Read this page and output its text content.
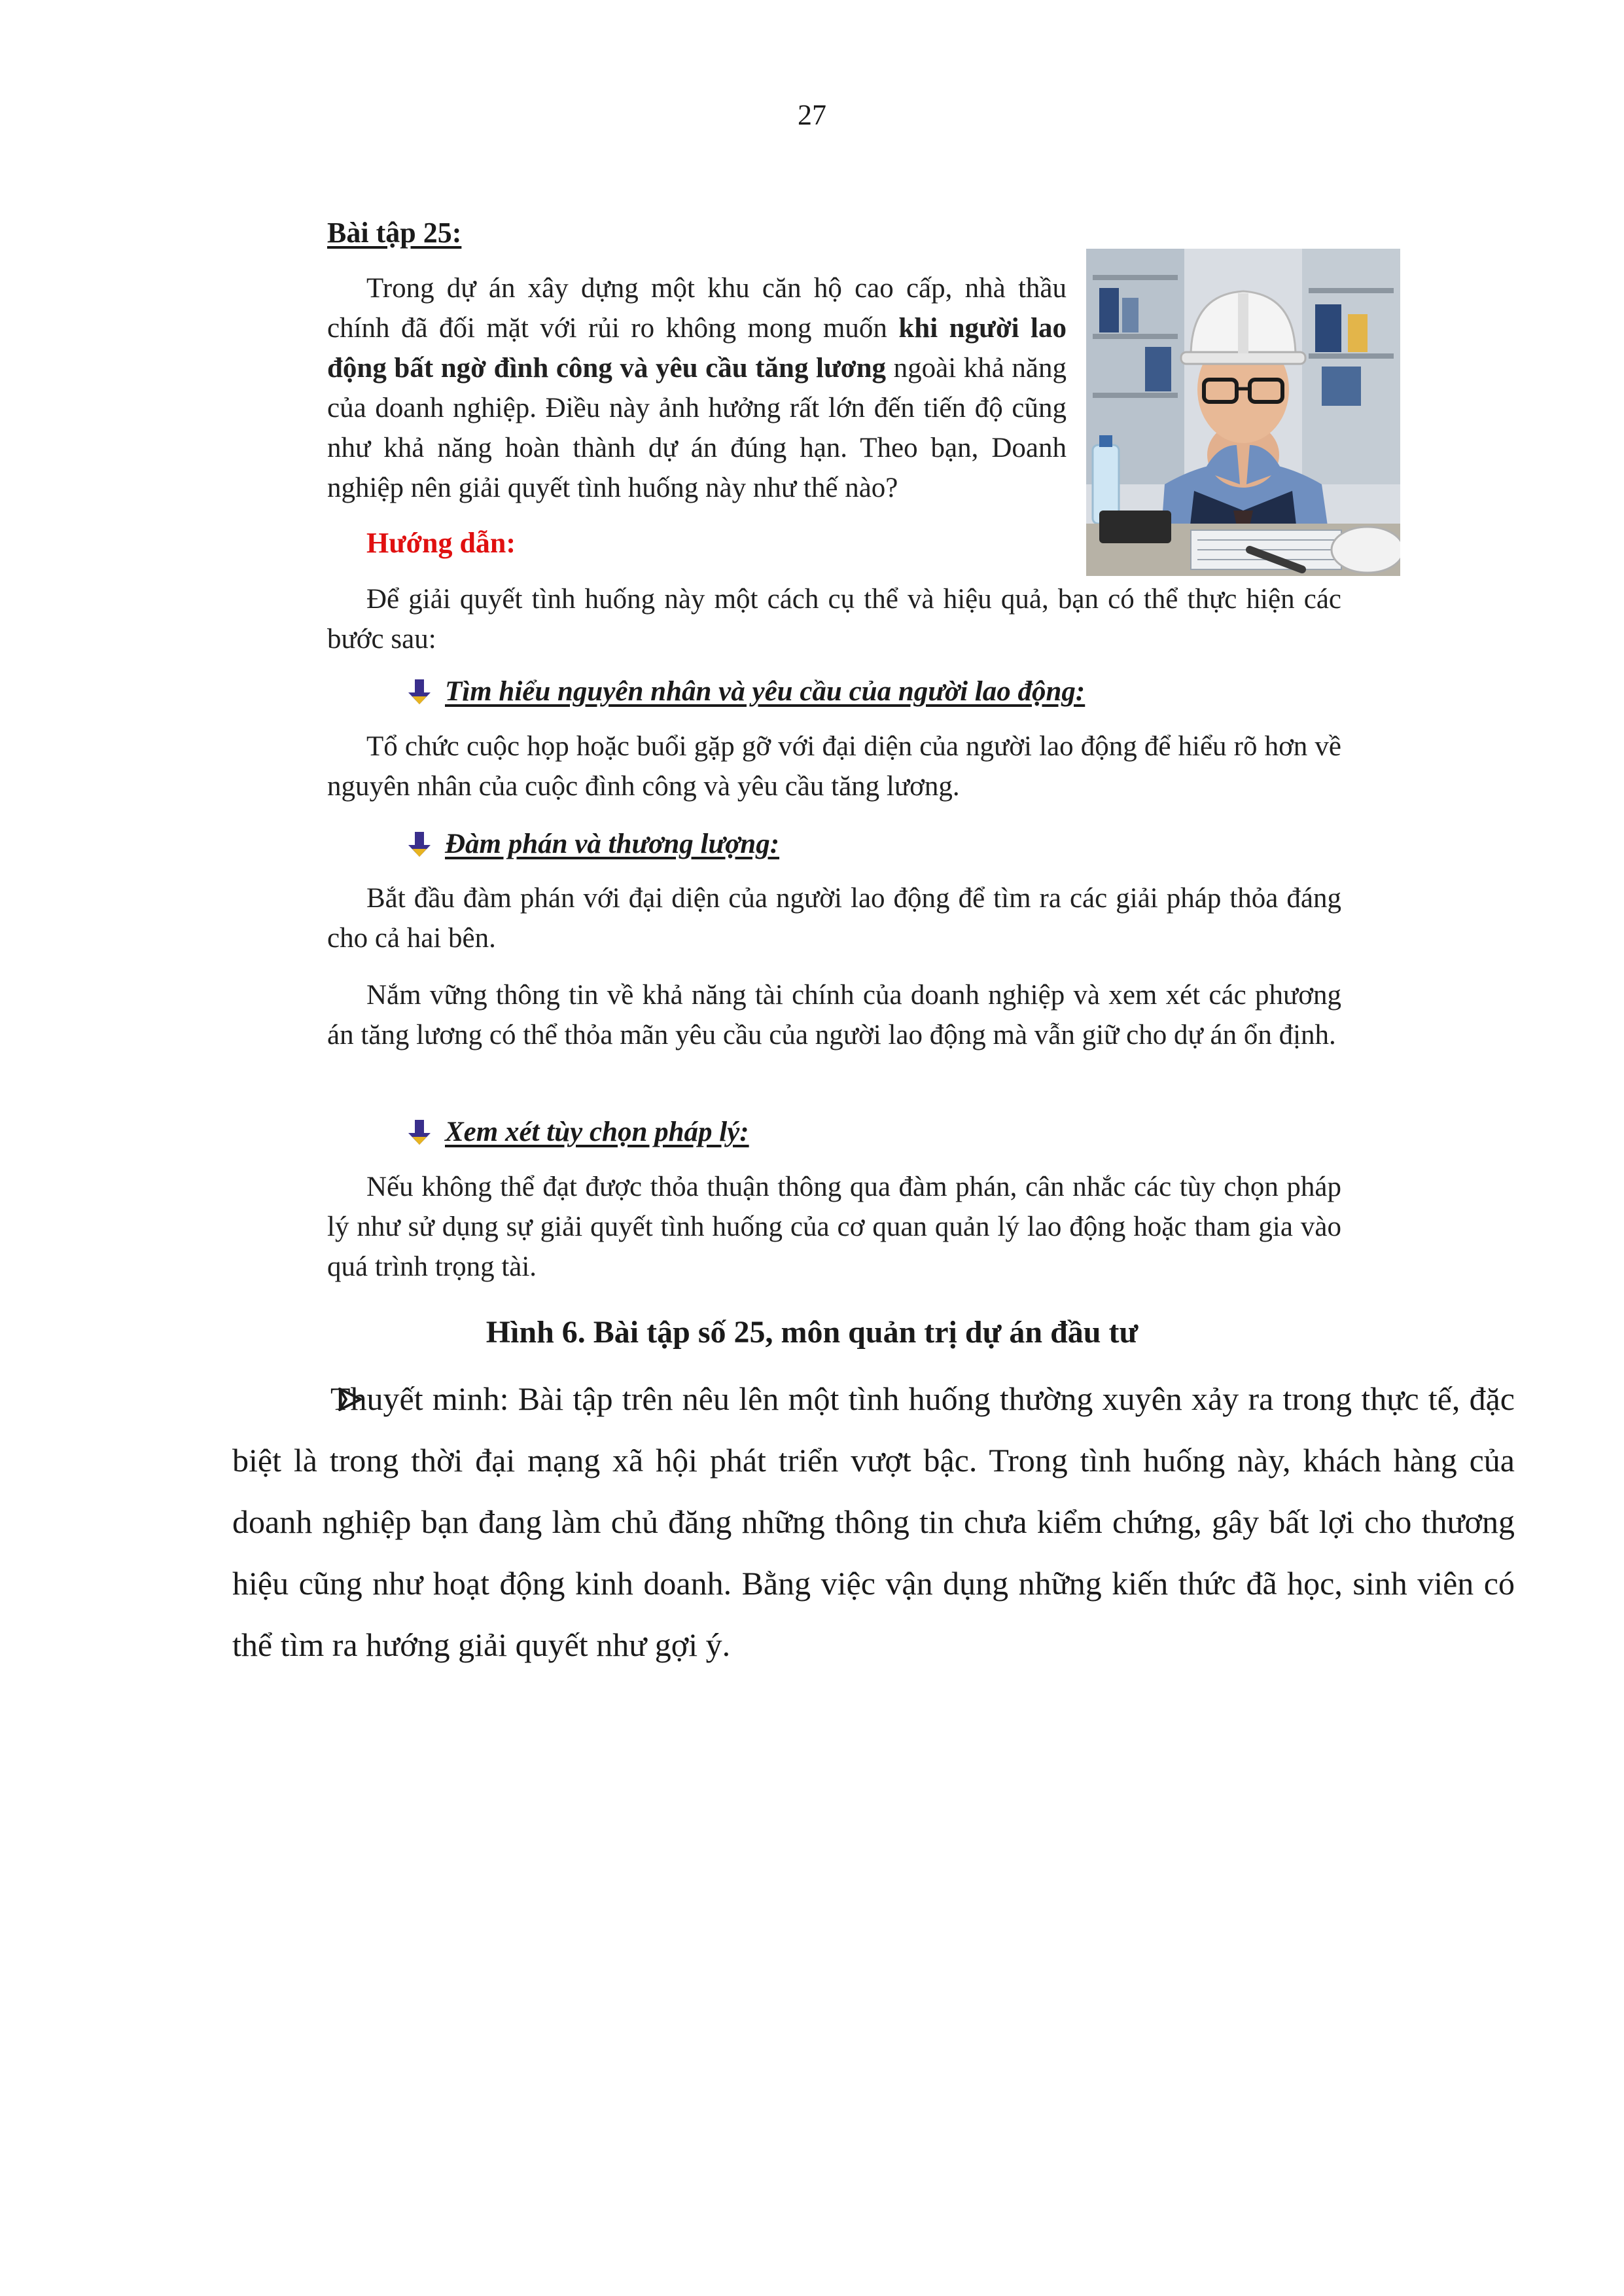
27
Bài tập 25:
Trong dự án xây dựng một khu căn hộ cao cấp, nhà thầu chính đã đối mặt với rủi ro không mong muốn khi người lao động bất ngờ đình công và yêu cầu tăng lương ngoài khả năng của doanh nghiệp. Điều này ảnh hưởng rất lớn đến tiến độ cũng như khả năng hoàn thành dự án đúng hạn. Theo bạn, Doanh nghiệp nên giải quyết tình huống này như thế nào?
Hướng dẫn:
Để giải quyết tình huống này một cách cụ thể và hiệu quả, bạn có thể thực hiện các bước sau:
Tìm hiểu nguyên nhân và yêu cầu của người lao động:
Tổ chức cuộc họp hoặc buổi gặp gỡ với đại diện của người lao động để hiểu rõ hơn về nguyên nhân của cuộc đình công và yêu cầu tăng lương.
Đàm phán và thương lượng:
Bắt đầu đàm phán với đại diện của người lao động để tìm ra các giải pháp thỏa đáng cho cả hai bên.
Nắm vững thông tin về khả năng tài chính của doanh nghiệp và xem xét các phương án tăng lương có thể thỏa mãn yêu cầu của người lao động mà vẫn giữ cho dự án ổn định.
Xem xét tùy chọn pháp lý:
Nếu không thể đạt được thỏa thuận thông qua đàm phán, cân nhắc các tùy chọn pháp lý như sử dụng sự giải quyết tình huống của cơ quan quản lý lao động hoặc tham gia vào quá trình trọng tài.
Hình 6. Bài tập số 25, môn quản trị dự án đầu tư
Thuyết minh: Bài tập trên nêu lên một tình huống thường xuyên xảy ra trong thực tế, đặc biệt là trong thời đại mạng xã hội phát triển vượt bậc. Trong tình huống này, khách hàng của doanh nghiệp bạn đang làm chủ đăng những thông tin chưa kiểm chứng, gây bất lợi cho thương hiệu cũng như hoạt động kinh doanh. Bằng việc vận dụng những kiến thức đã học, sinh viên có thể tìm ra hướng giải quyết như gợi ý.
